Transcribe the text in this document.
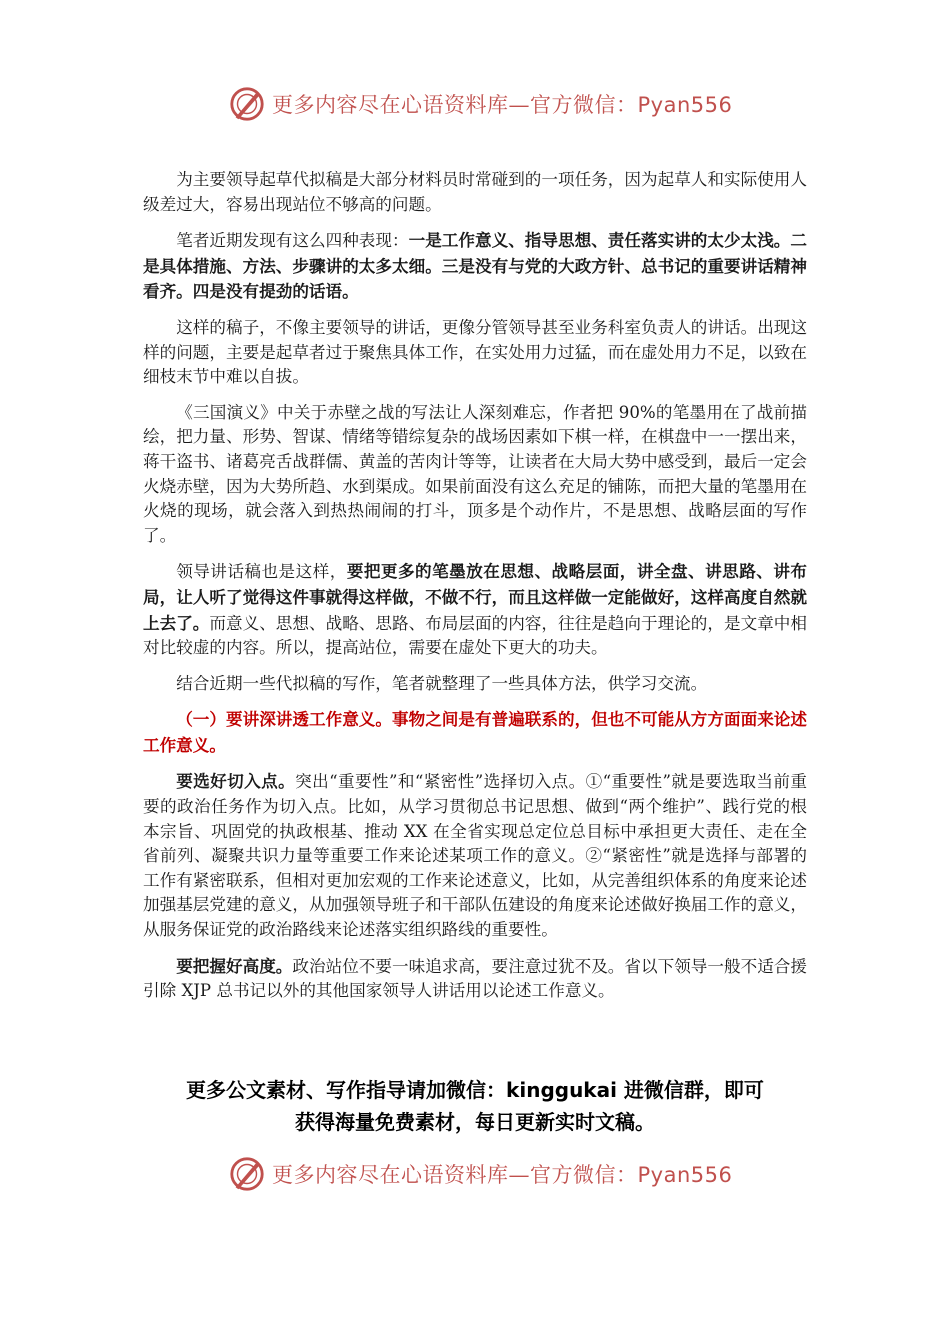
更多内容尽在心语资料库—官方微信：Pyan556

为主要领导起草代拟稿是大部分材料员时常碰到的一项任务，因为起草人和实际使用人级差过大，容易出现站位不够高的问题。

笔者近期发现有这么四种表现：一是工作意义、指导思想、责任落实讲的太少太浅。二是具体措施、方法、步骤讲的太多太细。三是没有与党的大政方针、总书记的重要讲话精神看齐。四是没有提劲的话语。

这样的稿子，不像主要领导的讲话，更像分管领导甚至业务科室负责人的讲话。出现这样的问题，主要是起草者过于聚焦具体工作，在实处用力过猛，而在虚处用力不足，以致在细枝末节中难以自拔。

《三国演义》中关于赤壁之战的写法让人深刻难忘，作者把 90%的笔墨用在了战前描绘，把力量、形势、智谋、情绪等错综复杂的战场因素如下棋一样，在棋盘中一一摆出来，蒋干盗书、诸葛亮舌战群儒、黄盖的苦肉计等等，让读者在大局大势中感受到，最后一定会火烧赤壁，因为大势所趋、水到渠成。如果前面没有这么充足的铺陈，而把大量的笔墨用在火烧的现场，就会落入到热热闹闹的打斗，顶多是个动作片，不是思想、战略层面的写作了。

领导讲话稿也是这样，要把更多的笔墨放在思想、战略层面，讲全盘、讲思路、讲布局，让人听了觉得这件事就得这样做，不做不行，而且这样做一定能做好，这样高度自然就上去了。而意义、思想、战略、思路、布局层面的内容，往往是趋向于理论的，是文章中相对比较虚的内容。所以，提高站位，需要在虚处下更大的功夫。

结合近期一些代拟稿的写作，笔者就整理了一些具体方法，供学习交流。

（一）要讲深讲透工作意义。事物之间是有普遍联系的，但也不可能从方方面面来论述工作意义。

要选好切入点。突出“重要性”和“紧密性”选择切入点。①“重要性”就是要选取当前重要的政治任务作为切入点。比如，从学习贯彻总书记思想、做到“两个维护”、践行党的根本宗旨、巩固党的执政根基、推动 XX 在全省实现总定位总目标中承担更大责任、走在全省前列、凝聚共识力量等重要工作来论述某项工作的意义。②“紧密性”就是选择与部署的工作有紧密联系，但相对更加宏观的工作来论述意义，比如，从完善组织体系的角度来论述加强基层党建的意义，从加强领导班子和干部队伍建设的角度来论述做好换届工作的意义，从服务保证党的政治路线来论述落实组织路线的重要性。

要把握好高度。政治站位不要一味追求高，要注意过犹不及。省以下领导一般不适合援引除 XJP 总书记以外的其他国家领导人讲话用以论述工作意义。

更多公文素材、写作指导请加微信：kinggukai 进微信群，即可
获得海量免费素材，每日更新实时文稿。
更多内容尽在心语资料库—官方微信：Pyan556
